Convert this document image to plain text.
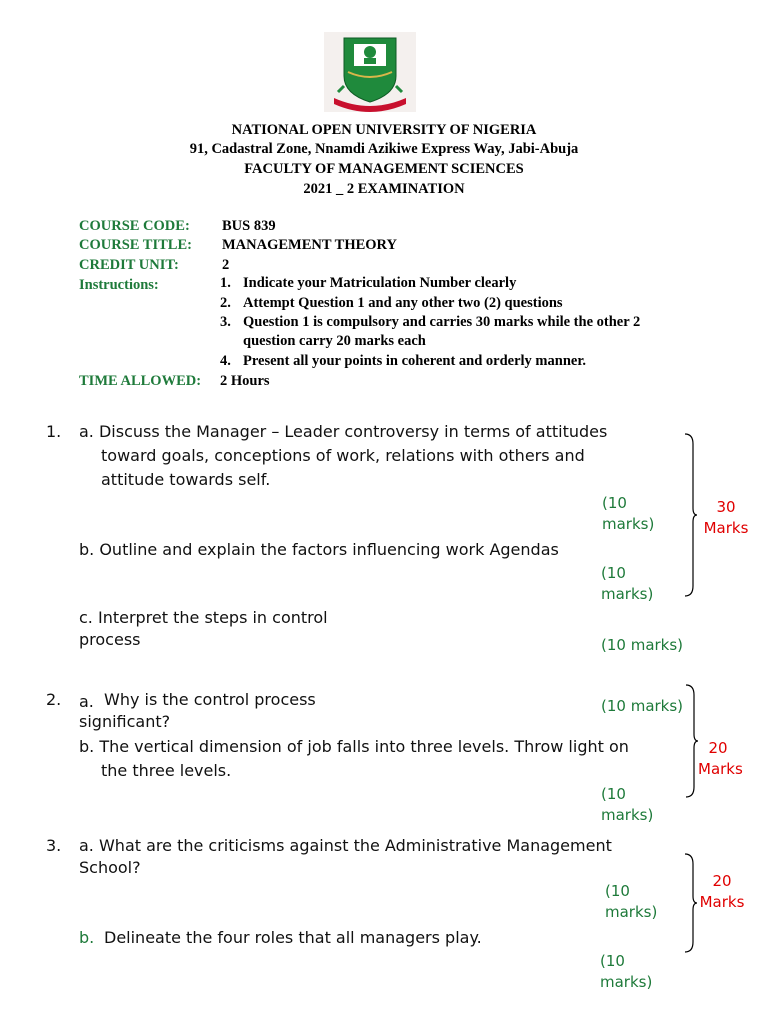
NATIONAL OPEN UNIVERSITY OF NIGERIA
91, Cadastral Zone, Nnamdi Azikiwe Express Way, Jabi-Abuja
FACULTY OF MANAGEMENT SCIENCES
2021 _ 2 EXAMINATION
COURSE CODE: BUS 839
COURSE TITLE: MANAGEMENT THEORY
CREDIT UNIT:	2
Instructions:	1. Indicate your Matriculation Number clearly
2. Attempt Question 1 and any other two (2) questions
3. Question 1 is compulsory and carries 30 marks while the other 2
question carry 20 marks each
4. Present all your points in coherent and orderly manner.
TIME ALLOWED: 2 Hours
1. a. Discuss the Manager – Leader controversy in terms of attitudes
toward goals, conceptions of work, relations with others and
attitude towards self.
(10
marks)
b. Outline and explain the factors influencing work Agendas
(10
marks)
c. Interpret the steps in control
process	(10 marks)
30
Marks
2. a. Why is the control process
significant?
(10 marks)
b. The vertical dimension of job falls into three levels. Throw light on
the three levels.
(10
marks)
20
Marks
3. a. What are the criticisms against the Administrative Management
School?
(10
marks)
b. Delineate the four roles that all managers play.
(10
marks)
20
Marks
